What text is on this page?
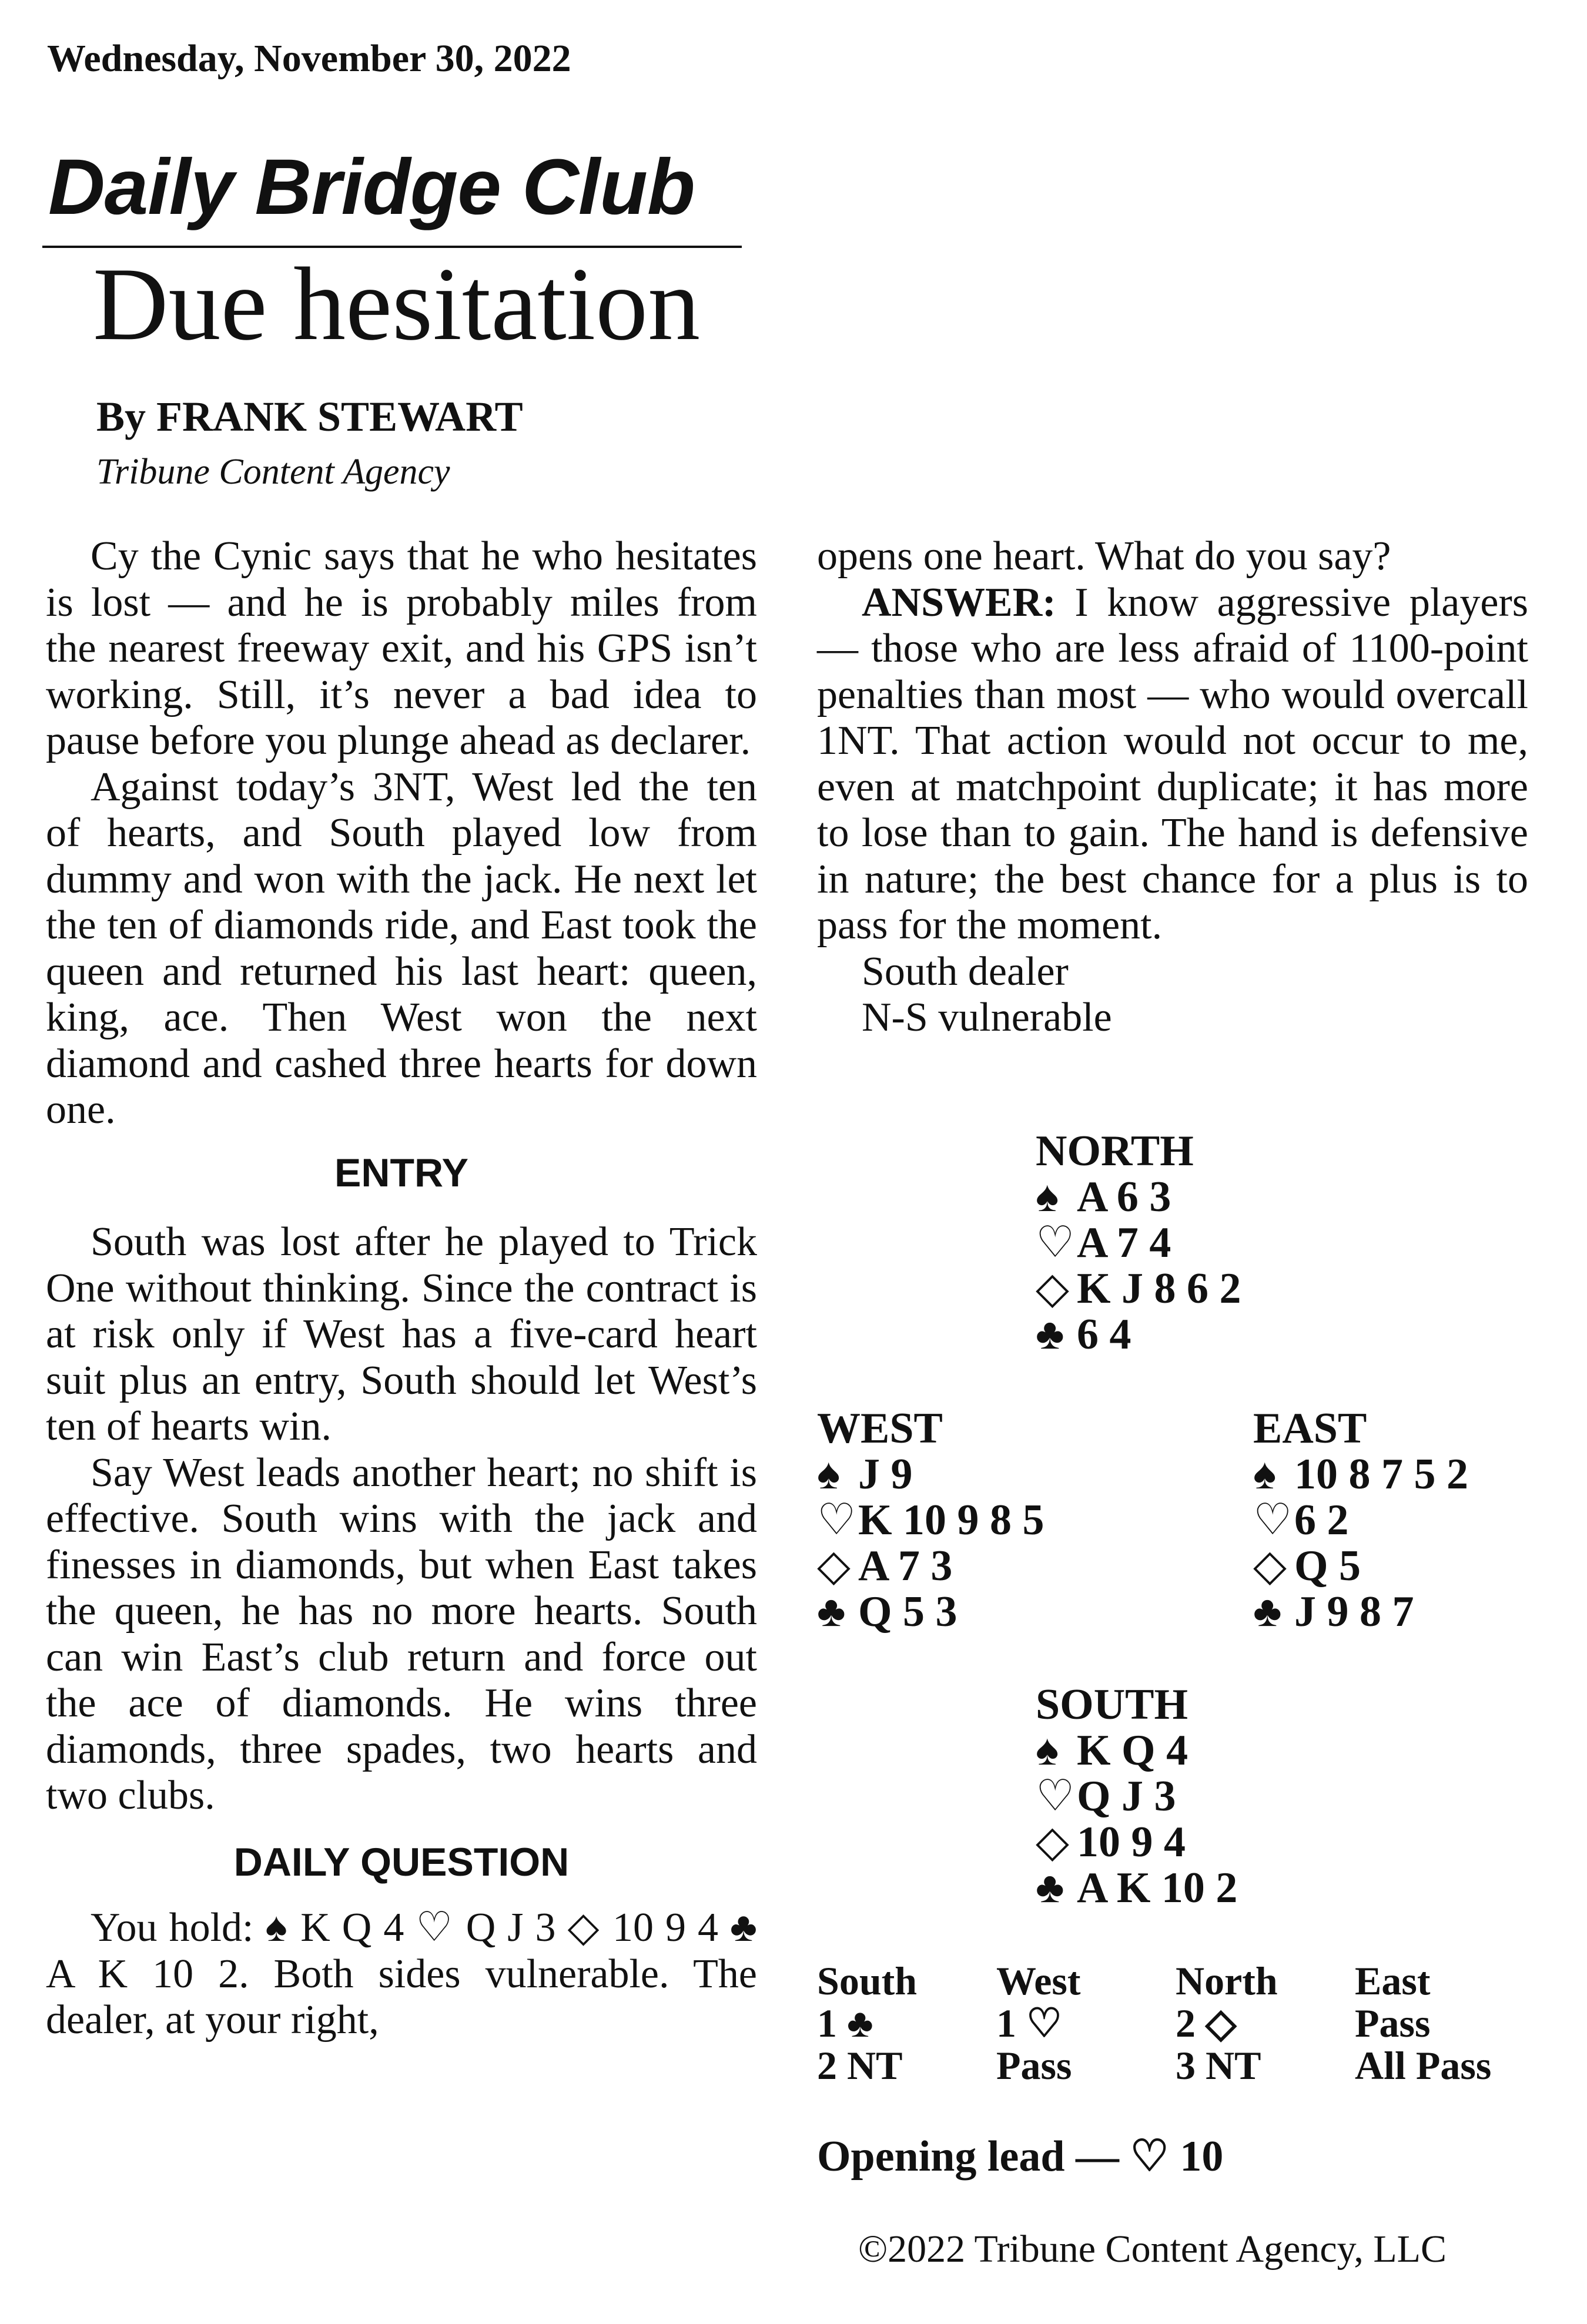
Wednesday, November 30, 2022
Daily Bridge Club
Due hesitation
By FRANK STEWART
Tribune Content Agency

Cy the Cynic says that he who hesitates is lost — and he is probably miles from the nearest freeway exit, and his GPS isn’t working. Still, it’s never a bad idea to pause before you plunge ahead as declarer.

Against today’s 3NT, West led the ten of hearts, and South played low from dummy and won with the jack. He next let the ten of diamonds ride, and East took the queen and returned his last heart: queen, king, ace. Then West won the next diamond and cashed three hearts for down one.

ENTRY

South was lost after he played to Trick One without thinking. Since the contract is at risk only if West has a five-card heart suit plus an entry, South should let West’s ten of hearts win.

Say West leads another heart; no shift is effective. South wins with the jack and finesses in diamonds, but when East takes the queen, he has no more hearts. South can win East’s club return and force out the ace of diamonds. He wins three diamonds, three spades, two hearts and two clubs.

DAILY QUESTION

You hold: ♠ K Q 4 ♡ Q J 3 ◇ 10 9 4 ♣ A K 10 2. Both sides vulnerable. The dealer, at your right,

opens one heart. What do you say?

ANSWER: I know aggressive players — those who are less afraid of 1100-point penalties than most — who would overcall 1NT. That action would not occur to me, even at matchpoint duplicate; it has more to lose than to gain. The hand is defensive in nature; the best chance for a plus is to pass for the moment.

South dealer

N-S vulnerable

NORTH
♠ A 6 3
♡ A 7 4
◇ K J 8 6 2
♣ 6 4
WEST
♠ J 9
♡ K 10 9 8 5
◇ A 7 3
♣ Q 5 3
EAST
♠ 10 8 7 5 2
♡ 6 2
◇ Q 5
♣ J 9 8 7
SOUTH
♠ K Q 4
♡ Q J 3
◇ 10 9 4
♣ A K 10 2
South	West	North	East
1 ♣	1 ♡	2 ◇	Pass
2 NT	Pass	3 NT	All Pass
Opening lead — ♡ 10
©2022 Tribune Content Agency, LLC
